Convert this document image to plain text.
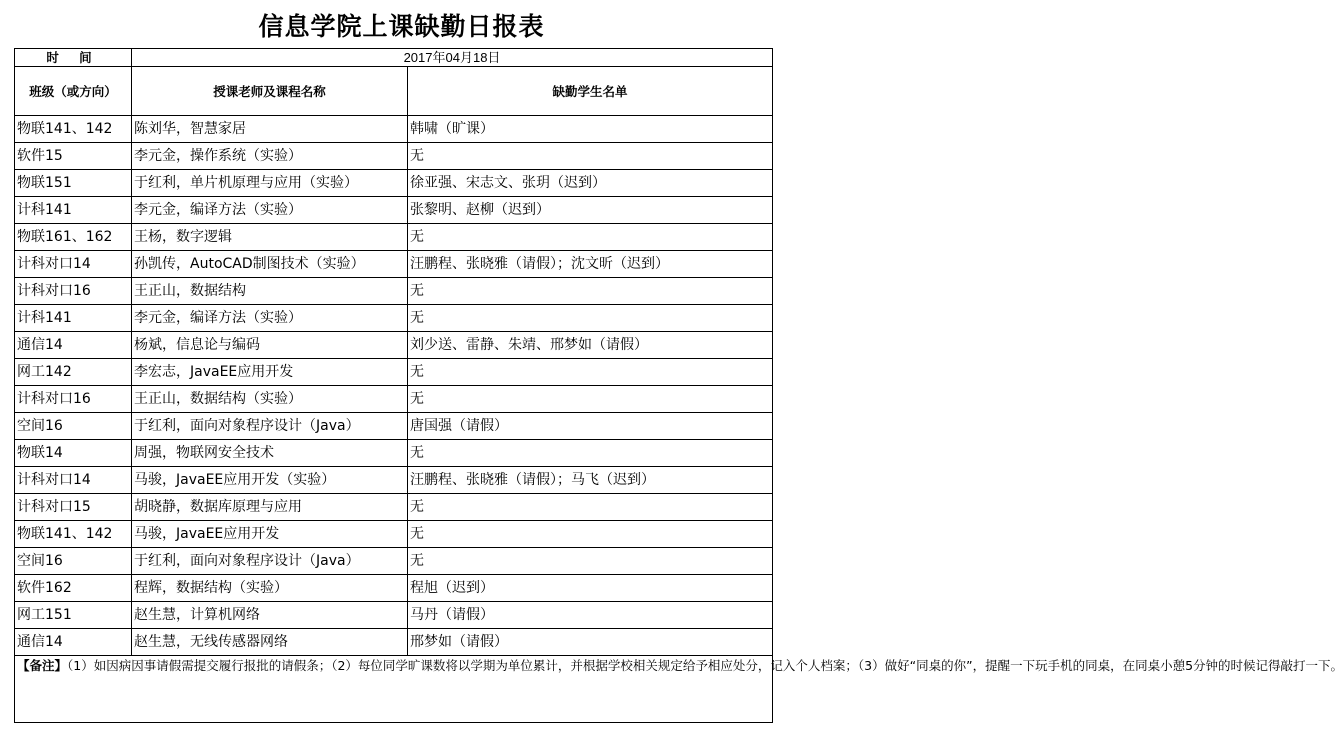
信息学院上课缺勤日报表
时 间	2017年04月18日	
班级（或方向）	授课老师及课程名称	缺勤学生名单
物联141、142	陈刘华，智慧家居	韩啸（旷课）
软件15	李元金，操作系统（实验）	无
物联151	于红利，单片机原理与应用（实验）	徐亚强、宋志文、张玥（迟到）
计科141	李元金，编译方法（实验）	张黎明、赵柳（迟到）
物联161、162	王杨，数字逻辑	无
计科对口14	孙凯传，AutoCAD制图技术（实验）	汪鹏程、张晓雅（请假）；沈文昕（迟到）
计科对口16	王正山，数据结构	无
计科141	李元金，编译方法（实验）	无
通信14	杨斌，信息论与编码	刘少送、雷静、朱靖、邢梦如（请假）
网工142	李宏志，JavaEE应用开发	无
计科对口16	王正山，数据结构（实验）	无
空间16	于红利，面向对象程序设计（Java）	唐国强（请假）
物联14	周强，物联网安全技术	无
计科对口14	马骏，JavaEE应用开发（实验）	汪鹏程、张晓雅（请假）；马飞（迟到）
计科对口15	胡晓静，数据库原理与应用	无
物联141、142	马骏，JavaEE应用开发	无
空间16	于红利，面向对象程序设计（Java）	无
软件162	程辉，数据结构（实验）	程旭（迟到）
网工151	赵生慧，计算机网络	马丹（请假）
通信14	赵生慧，无线传感器网络	邢梦如（请假）
【备注】（1）如因病因事请假需提交履行报批的请假条；（2）每位同学旷课数将以学期为单位累计，并根据学校相关规定给予相应处分，记入个人档案；（3）做好“同桌的你”，提醒一下玩手机的同桌，在同桌小憩5分钟的时候记得敲打一下。		
